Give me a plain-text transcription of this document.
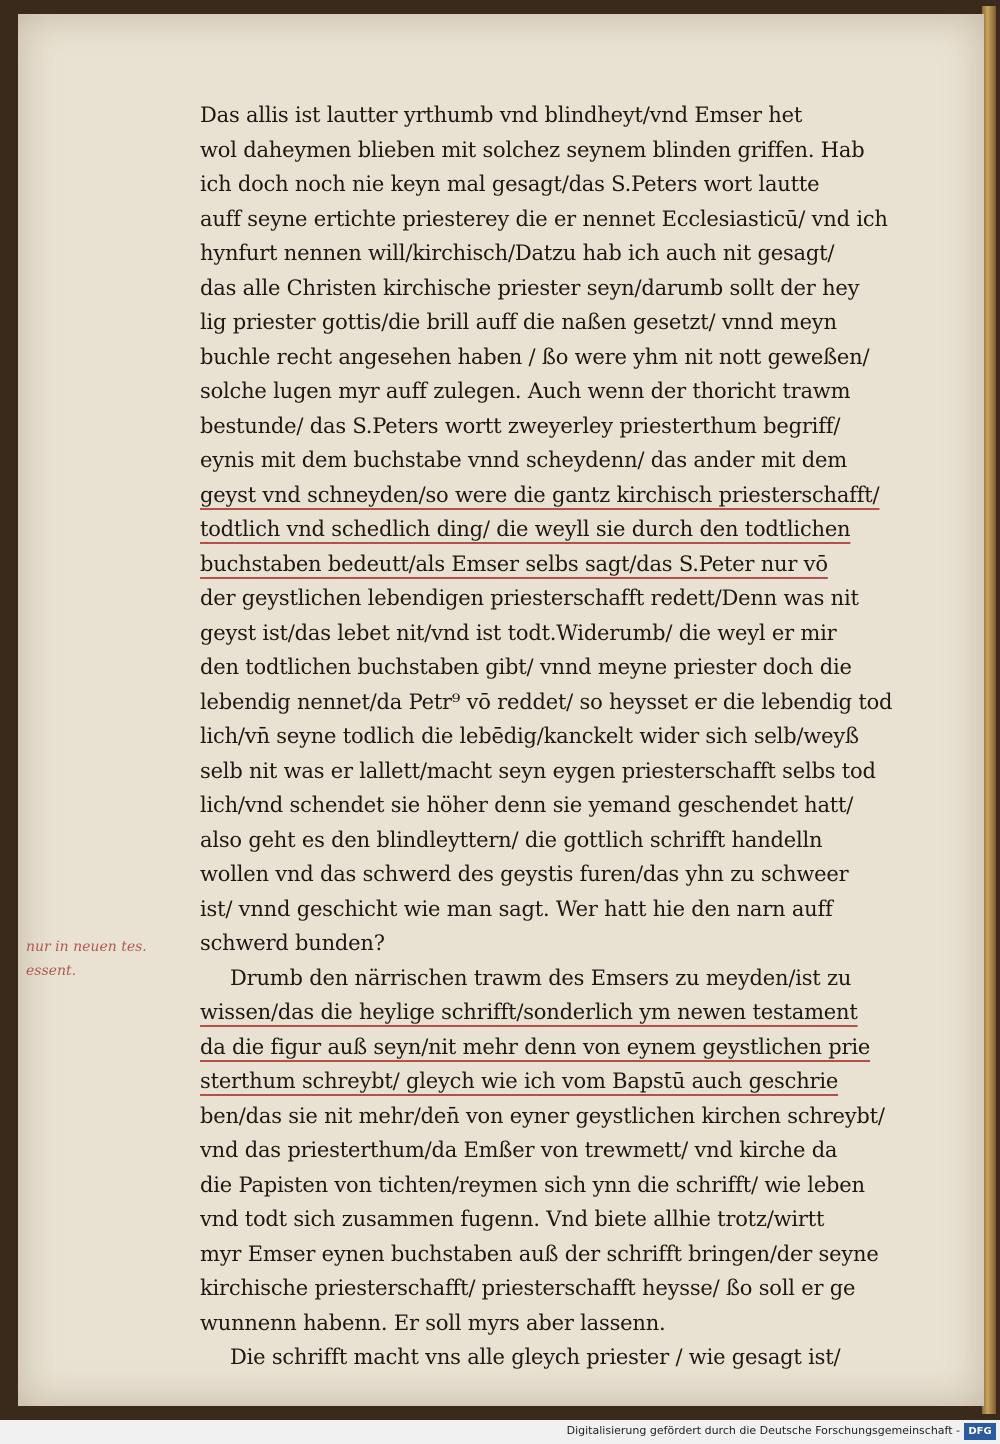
Das allis ist lautter yrthumb vnd blindheyt/vnd Emser het
wol daheymen blieben mit solchez seynem blinden griffen. Hab
ich doch noch nie keyn mal gesagt/das S.Peters wort lautte
auff seyne ertichte priesterey die er nennet Ecclesiasticū/ vnd ich
hynfurt nennen will/kirchisch/Datzu hab ich auch nit gesagt/
das alle Christen kirchische priester seyn/darumb sollt der hey
lig priester gottis/die brill auff die naßen gesetzt/ vnnd meyn
buchle recht angesehen haben / ßo were yhm nit nott geweßen/
solche lugen myr auff zulegen. Auch wenn der thoricht trawm
bestunde/ das S.Peters wortt zweyerley priesterthum begriff/
eynis mit dem buchstabe vnnd scheydenn/ das ander mit dem
geyst vnd schneyden/so were die gantz kirchisch priesterschafft/
todtlich vnd schedlich ding/ die weyll sie durch den todtlichen
buchstaben bedeutt/als Emser selbs sagt/das S.Peter nur vō
der geystlichen lebendigen priesterschafft redett/Denn was nit
geyst ist/das lebet nit/vnd ist todt.Widerumb/ die weyl er mir
den todtlichen buchstaben gibt/ vnnd meyne priester doch die
lebendig nennet/da Petr⁹ vō reddet/ so heysset er die lebendig tod
lich/vn̄ seyne todlich die lebēdig/kanckelt wider sich selb/weyß
selb nit was er lallett/macht seyn eygen priesterschafft selbs tod
lich/vnd schendet sie höher denn sie yemand geschendet hatt/
also geht es den blindleyttern/ die gottlich schrifft handelln
wollen vnd das schwerd des geystis furen/das yhn zu schweer
ist/ vnnd geschicht wie man sagt. Wer hatt hie den narn auff
schwerd bunden?
Drumb den närrischen trawm des Emsers zu meyden/ist zu
wissen/das die heylige schrifft/sonderlich ym newen testament
da die figur auß seyn/nit mehr denn von eynem geystlichen prie
sterthum schreybt/ gleych wie ich vom Bapstū auch geschrie
ben/das sie nit mehr/den̄ von eyner geystlichen kirchen schreybt/
vnd das priesterthum/da Emßer von trewmett/ vnd kirche da
die Papisten von tichten/reymen sich ynn die schrifft/ wie leben
vnd todt sich zusammen fugenn. Vnd biete allhie trotz/wirtt
myr Emser eynen buchstaben auß der schrifft bringen/der seyne
kirchische priesterschafft/ priesterschafft heysse/ ßo soll er ge
wunnenn habenn. Er soll myrs aber lassenn.
Die schrifft macht vns alle gleych priester / wie gesagt ist/
nur in neuen tes. essent.
Digitalisierung gefördert durch die Deutsche Forschungsgemeinschaft - DFG
